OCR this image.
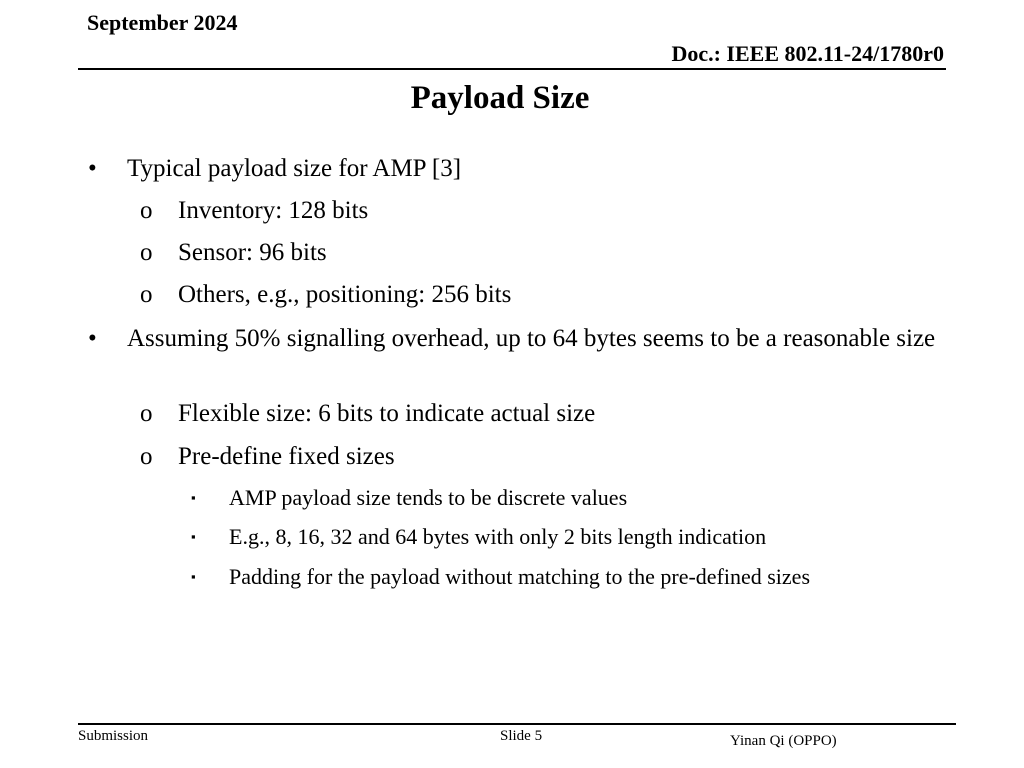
September 2024
Doc.: IEEE 802.11-24/1780r0
Payload Size
• Typical payload size for AMP [3]
o Inventory: 128 bits
o Sensor: 96 bits
o Others, e.g., positioning: 256 bits
• Assuming 50% signalling overhead, up to 64 bytes seems to be a reasonable size
o Flexible size: 6 bits to indicate actual size
o Pre-define fixed sizes
▪ AMP payload size tends to be discrete values
▪ E.g., 8, 16, 32 and 64 bytes with only 2 bits length indication
▪ Padding for the payload without matching to the pre-defined sizes
Submission	Slide 5	Yinan Qi (OPPO)
